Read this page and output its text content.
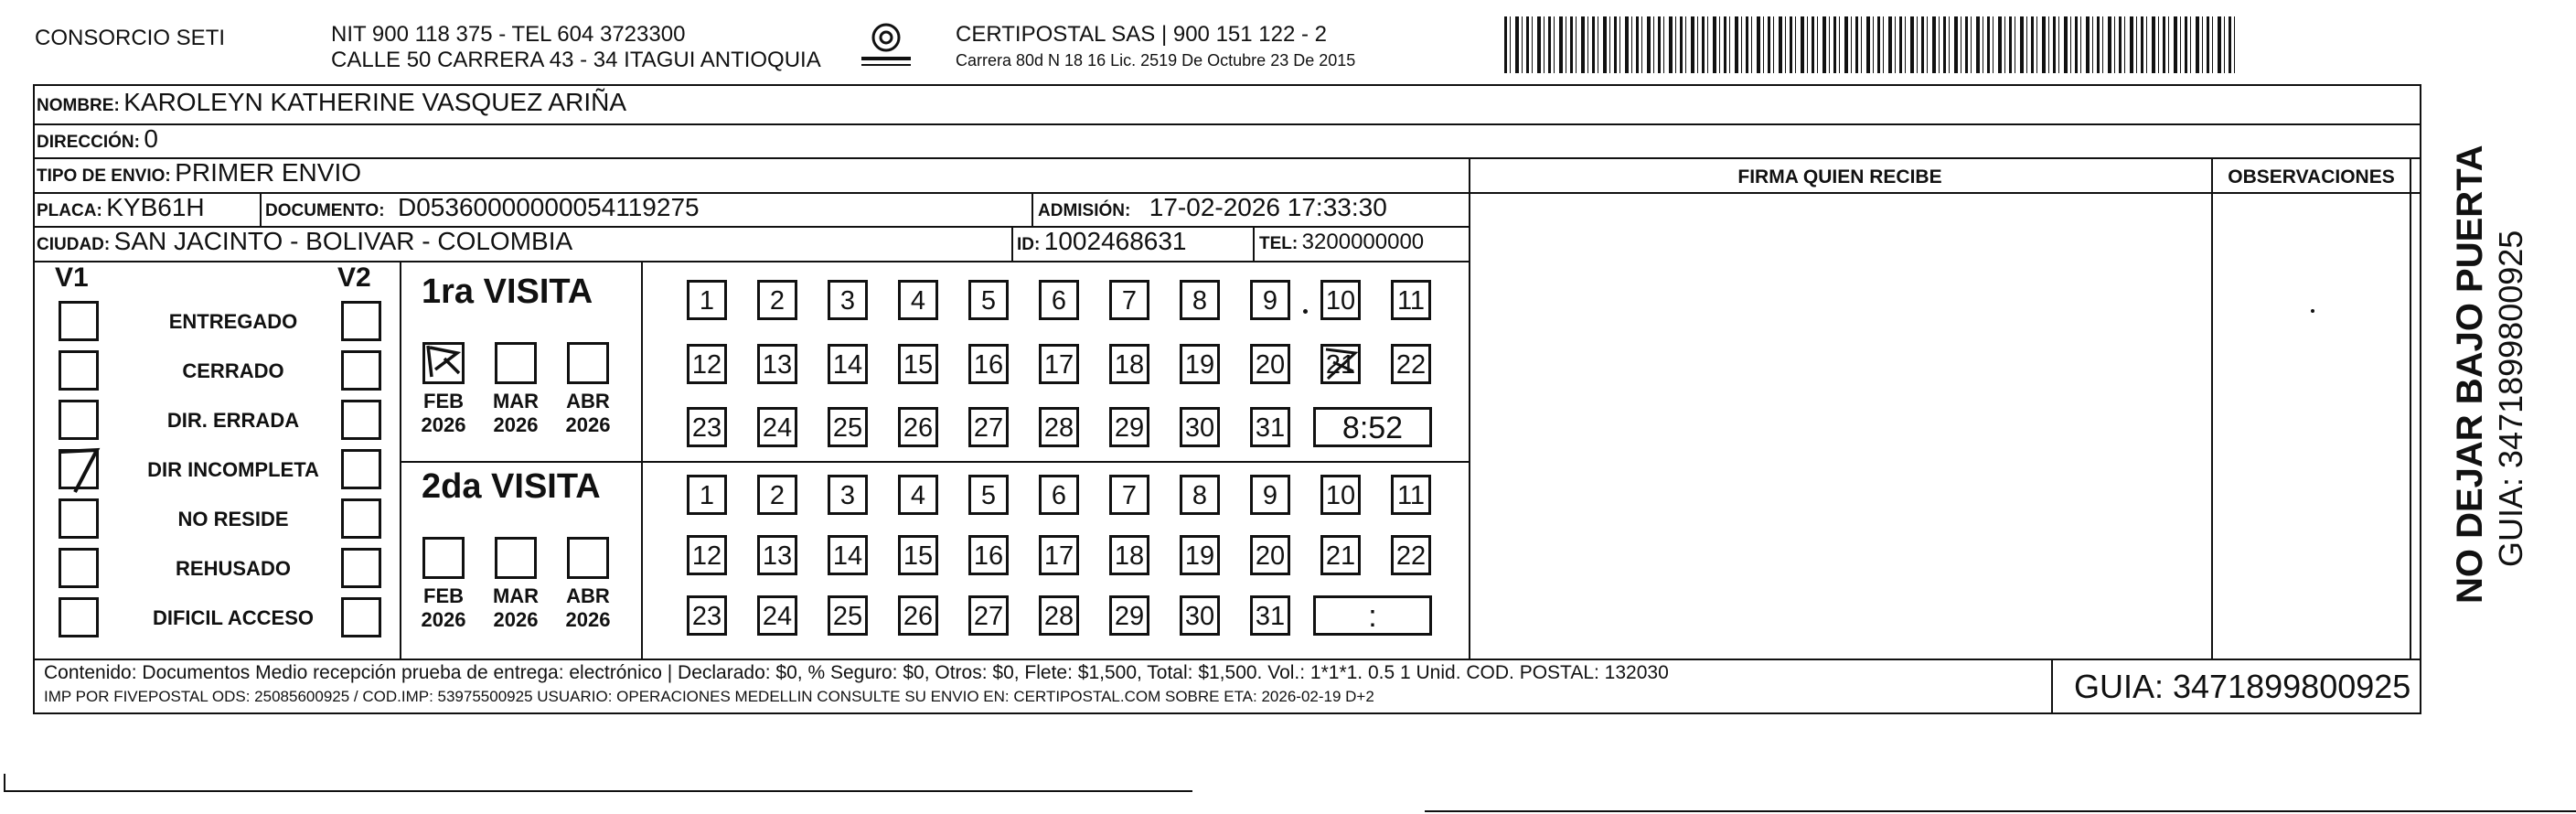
CONSORCIO SETI	NIT 900 118 375 - TEL 604 3723300
CALLE 50 CARRERA 43 - 34 ITAGUI ANTIOQUIA
CERTIPOSTAL SAS | 900 151 122 - 2
Carrera 80d N 18 16 Lic. 2519 De Octubre 23 De 2015
NOMBRE: KAROLEYN KATHERINE VASQUEZ ARIÑA
DIRECCIÓN: 0
TIPO DE ENVIO: PRIMER ENVIO
PLACA: KYB61H	DOCUMENTO: D05360000000054119275	ADMISIÓN: 17-02-2026 17:33:30
CIUDAD: SAN JACINTO - BOLIVAR - COLOMBIA	ID: 1002468631	TEL: 3200000000
FIRMA QUIEN RECIBE	OBSERVACIONES
V1	V2
ENTREGADO
CERRADO
DIR. ERRADA
DIR INCOMPLETA
NO RESIDE
REHUSADO
DIFICIL ACCESO
1ra VISITA
2da VISITA
FEB
2026
MAR
2026
ABR
2026
FEB
2026
MAR
2026
ABR
2026
1	2	3	4	5	6	7	8	9	10 11
12 13 14 15 16 17 18 19 20 21 22
23 24 25 26 27 28 29 30 31	8:52
1	2	3	4	5	6	7	8	9	10 11
12 13 14 15 16 17 18 19 20 21 22
23 24 25 26 27 28 29 30 31	:
Contenido: Documentos Medio recepción prueba de entrega: electrónico | Declarado: $0, % Seguro: $0, Otros: $0, Flete: $1,500, Total: $1,500. Vol.: 1*1*1. 0.5 1 Unid. COD. POSTAL: 132030
IMP POR FIVEPOSTAL ODS: 25085600925 / COD.IMP: 53975500925 USUARIO: OPERACIONES MEDELLIN CONSULTE SU ENVIO EN: CERTIPOSTAL.COM SOBRE ETA: 2026-02-19 D+2	GUIA: 3471899800925
NO DEJAR BAJO PUERTA GUIA: 3471899800925
